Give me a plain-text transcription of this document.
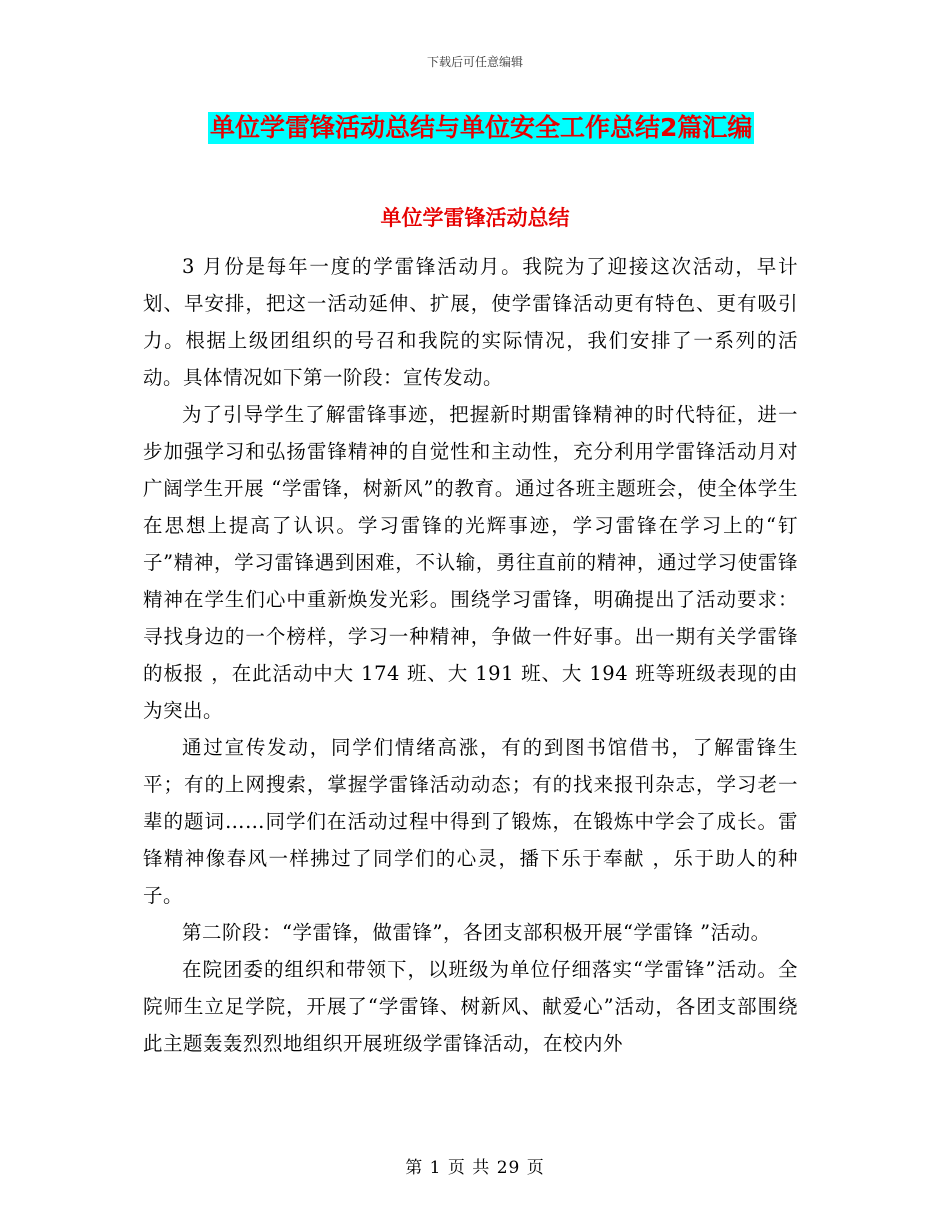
下载后可任意编辑
单位学雷锋活动总结与单位安全工作总结2篇汇编
单位学雷锋活动总结

3 月份是每年一度的学雷锋活动月。我院为了迎接这次活动，早计划、早安排，把这一活动延伸、扩展，使学雷锋活动更有特色、更有吸引力。根据上级团组织的号召和我院的实际情况，我们安排了一系列的活动。具体情况如下第一阶段：宣传发动。

为了引导学生了解雷锋事迹，把握新时期雷锋精神的时代特征，进一步加强学习和弘扬雷锋精神的自觉性和主动性，充分利用学雷锋活动月对广阔学生开展 “学雷锋，树新风”的教育。通过各班主题班会，使全体学生在思想上提高了认识。学习雷锋的光辉事迹，学习雷锋在学习上的“钉子”精神，学习雷锋遇到困难，不认输，勇往直前的精神，通过学习使雷锋精神在学生们心中重新焕发光彩。围绕学习雷锋，明确提出了活动要求：寻找身边的一个榜样，学习一种精神，争做一件好事。出一期有关学雷锋的板报 ，在此活动中大 174 班、大 191 班、大 194 班等班级表现的由为突出。

通过宣传发动，同学们情绪高涨，有的到图书馆借书，了解雷锋生平；有的上网搜索，掌握学雷锋活动动态；有的找来报刊杂志，学习老一辈的题词……同学们在活动过程中得到了锻炼，在锻炼中学会了成长。雷锋精神像春风一样拂过了同学们的心灵，播下乐于奉献 ，乐于助人的种子。

第二阶段：“学雷锋，做雷锋”，各团支部积极开展“学雷锋 ”活动。

在院团委的组织和带领下，以班级为单位仔细落实“学雷锋”活动。全院师生立足学院，开展了“学雷锋、树新风、献爱心”活动，各团支部围绕此主题轰轰烈烈地组织开展班级学雷锋活动，在校内外

第 1 页 共 29 页
